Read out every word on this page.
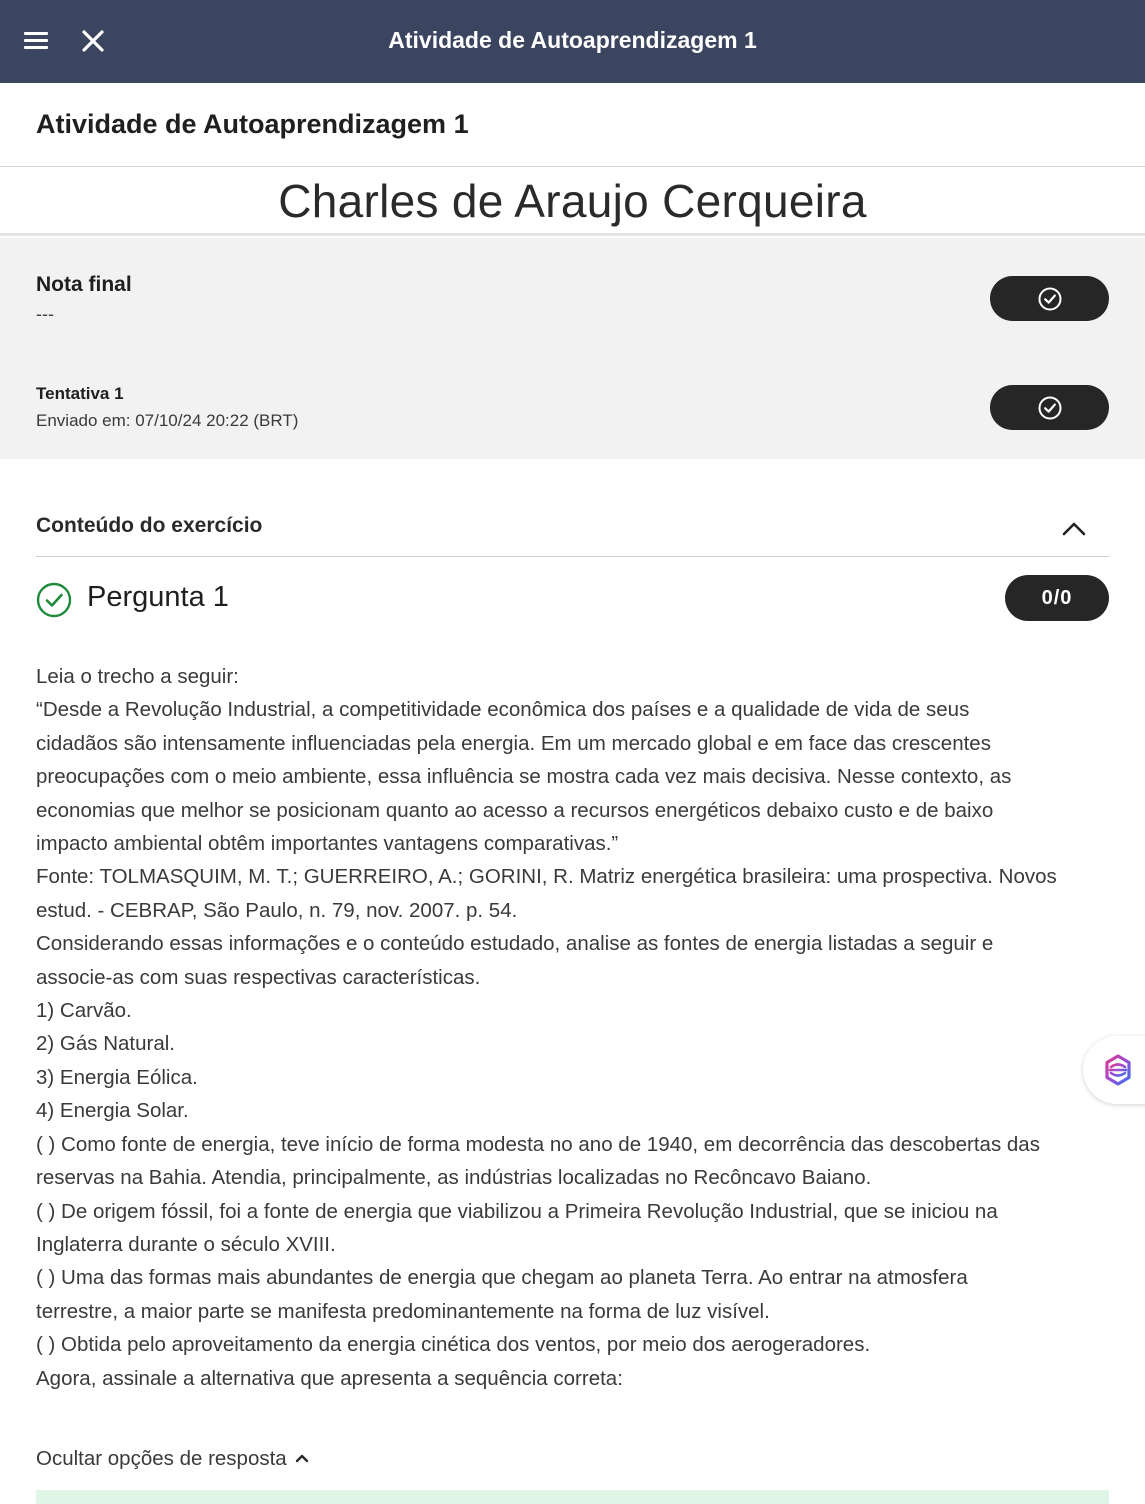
Atividade de Autoaprendizagem 1
Atividade de Autoaprendizagem 1
Charles de Araujo Cerqueira
Nota final
---
Tentativa 1
Enviado em: 07/10/24 20:22 (BRT)
Conteúdo do exercício
Pergunta 1	0/0
Leia o trecho a seguir:
“Desde a Revolução Industrial, a competitividade econômica dos países e a qualidade de vida de seus
cidadãos são intensamente influenciadas pela energia. Em um mercado global e em face das crescentes
preocupações com o meio ambiente, essa influência se mostra cada vez mais decisiva. Nesse contexto, as
economias que melhor se posicionam quanto ao acesso a recursos energéticos debaixo custo e de baixo
impacto ambiental obtêm importantes vantagens comparativas.”
Fonte: TOLMASQUIM, M. T.; GUERREIRO, A.; GORINI, R. Matriz energética brasileira: uma prospectiva. Novos
estud. - CEBRAP, São Paulo, n. 79, nov. 2007. p. 54.
Considerando essas informações e o conteúdo estudado, analise as fontes de energia listadas a seguir e
associe-as com suas respectivas características.
1) Carvão.
2) Gás Natural.
3) Energia Eólica.
4) Energia Solar.
( ) Como fonte de energia, teve início de forma modesta no ano de 1940, em decorrência das descobertas das
reservas na Bahia. Atendia, principalmente, as indústrias localizadas no Recôncavo Baiano.
( ) De origem fóssil, foi a fonte de energia que viabilizou a Primeira Revolução Industrial, que se iniciou na
Inglaterra durante o século XVIII.
( ) Uma das formas mais abundantes de energia que chegam ao planeta Terra. Ao entrar na atmosfera
terrestre, a maior parte se manifesta predominantemente na forma de luz visível.
( ) Obtida pelo aproveitamento da energia cinética dos ventos, por meio dos aerogeradores.
Agora, assinale a alternativa que apresenta a sequência correta:
Ocultar opções de resposta
